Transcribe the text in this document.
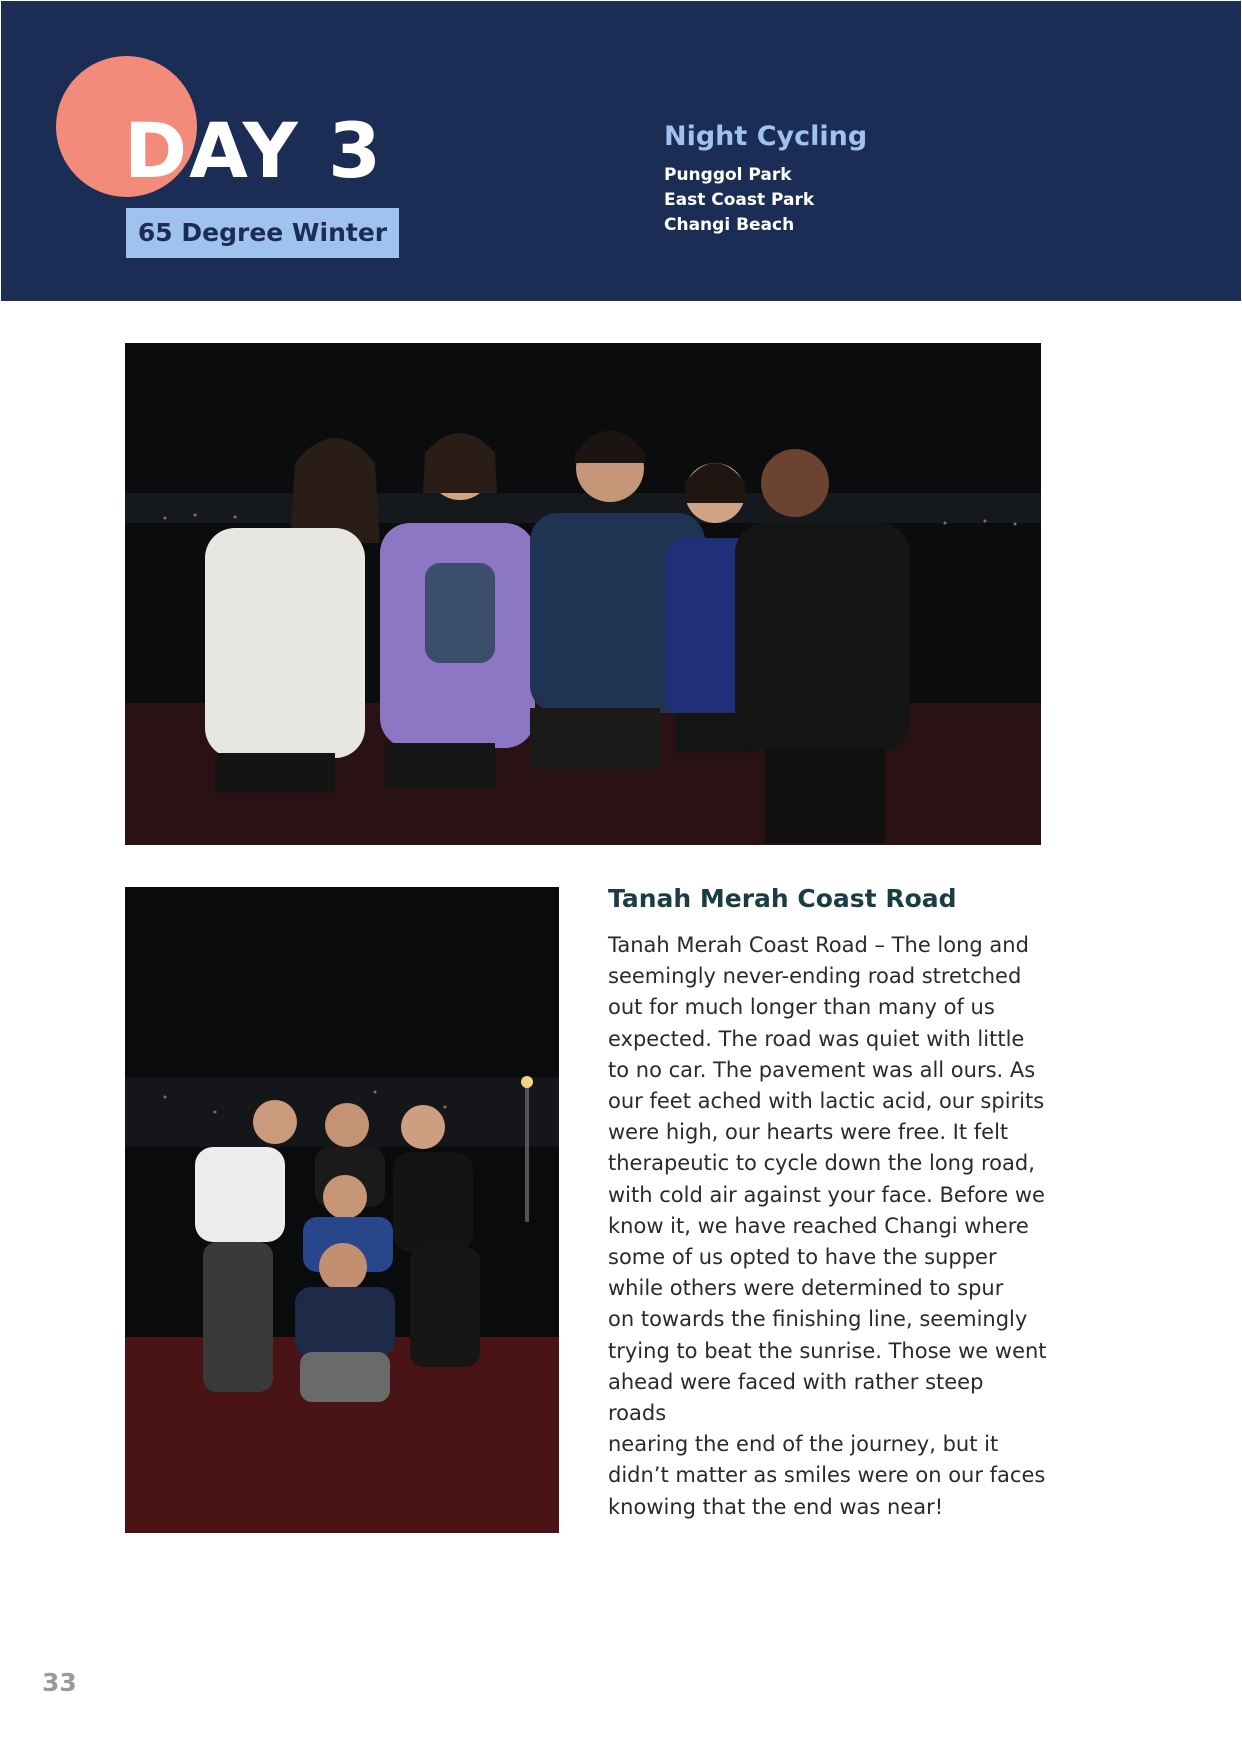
DAY 3
65 Degree Winter
Night Cycling
Punggol Park
East Coast Park
Changi Beach
Tanah Merah Coast Road

Tanah Merah Coast Road – The long and
seemingly never-ending road stretched
out for much longer than many of us
expected. The road was quiet with little
to no car. The pavement was all ours. As
our feet ached with lactic acid, our spirits
were high, our hearts were free. It felt
therapeutic to cycle down the long road,
with cold air against your face. Before we
know it, we have reached Changi where
some of us opted to have the supper
while others were determined to spur
on towards the finishing line, seemingly
trying to beat the sunrise. Those we went
ahead were faced with rather steep roads
nearing the end of the journey, but it
didn’t matter as smiles were on our faces
knowing that the end was near!

33
